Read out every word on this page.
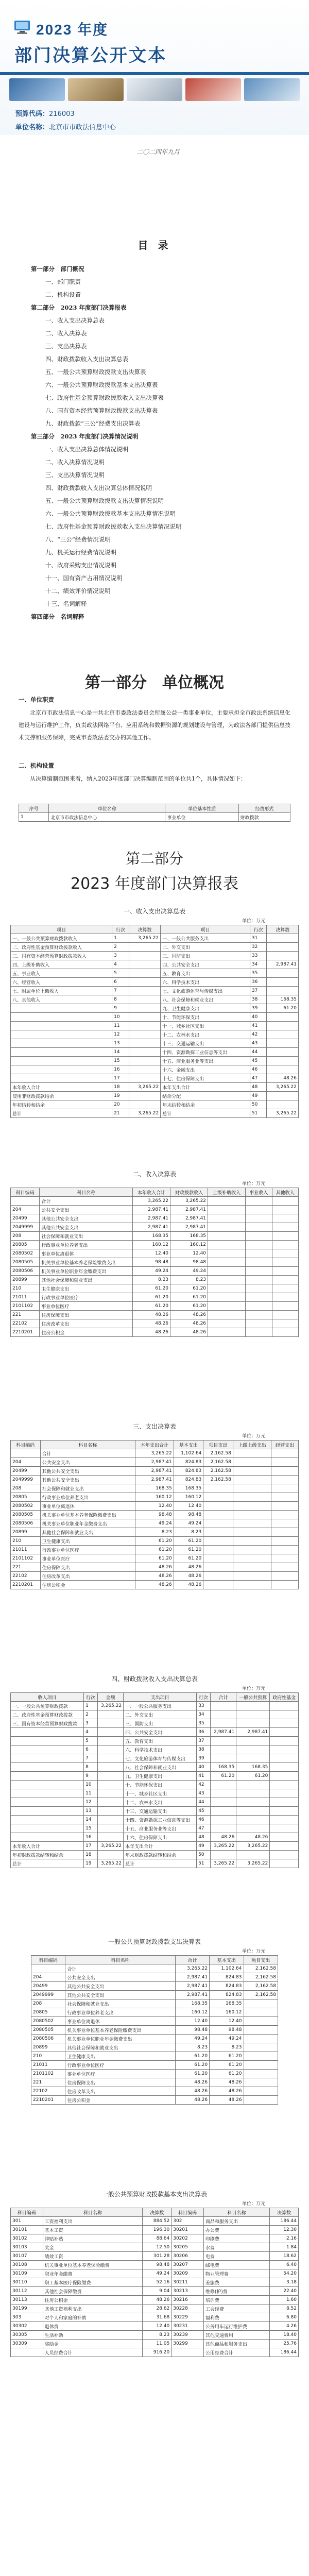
2023 年度
部门决算公开文本
预算代码：216003
单位名称：北京市市政法信息中心
二〇二四年九月
目 录
第一部分　部门概况
一、部门职责
二、机构设置
第二部分　2023 年度部门决算报表
一、收入支出决算总表
二、收入决算表
三、支出决算表
四、财政拨款收入支出决算总表
五、一般公共预算财政拨款支出决算表
六、一般公共预算财政拨款基本支出决算表
七、政府性基金预算财政拨款收入支出决算表
八、国有资本经营预算财政拨款支出决算表
九、财政拨款“三公”经费支出决算表
第三部分　2023 年度部门决算情况说明
一、收入支出决算总体情况说明
二、收入决算情况说明
三、支出决算情况说明
四、财政拨款收入支出决算总体情况说明
五、一般公共预算财政拨款支出决算情况说明
六、一般公共预算财政拨款基本支出决算情况说明
七、政府性基金预算财政拨款收入支出决算情况说明
八、“三公”经费情况说明
九、机关运行经费情况说明
十、政府采购支出情况说明
十一、国有资产占用情况说明
十二、绩效评价情况说明
十三、名词解释
第四部分　名词解释
第一部分　单位概况
一、单位职责
北京市市政法信息中心是中共北京市委政法委员会所属公益一类事业单位，主要承担全市政法系统信息化建设与运行维护工作，负责政法网络平台、应用系统和数据资源的规划建设与管理，为政法各部门提供信息技术支撑和服务保障，完成市委政法委交办的其他工作。
二、机构设置
从决算编制范围来看，纳入2023年度部门决算编制范围的单位共1个，具体情况如下：
序号	单位名称	单位基本性质	经费形式
1	北京市市政法信息中心	事业单位	财政拨款
第二部分
2023 年度部门决算报表
一、收入支出决算总表
单位：万元
项目	行次	决算数	项目	行次	决算数
一、一般公共预算财政拨款收入	1	3,265.22	一、一般公共服务支出	31	
二、政府性基金预算财政拨款收入	2		二、外交支出	32	
三、国有资本经营预算财政拨款收入	3		三、国防支出	33	
四、上级补助收入	4		四、公共安全支出	34	2,987.41
五、事业收入	5		五、教育支出	35	
六、经营收入	6		六、科学技术支出	36	
七、附属单位上缴收入	7		七、文化旅游体育与传媒支出	37	
八、其他收入	8		八、社会保障和就业支出	38	168.35
	9		九、卫生健康支出	39	61.20
	10		十、节能环保支出	40	
	11		十一、城乡社区支出	41	
	12		十二、农林水支出	42	
	13		十三、交通运输支出	43	
	14		十四、资源勘探工业信息等支出	44	
	15		十五、商业服务业等支出	45	
	16		十六、金融支出	46	
	17		十七、住房保障支出	47	48.26
本年收入合计	18	3,265.22	本年支出合计	48	3,265.22
使用非财政拨款结余	19		结余分配	49	
年初结转和结余	20		年末结转和结余	50	
总计	21	3,265.22	总计	51	3,265.22
二、收入决算表
单位：万元
科目编码	科目名称	本年收入合计	财政拨款收入	上级补助收入	事业收入	其他收入
	合计	3,265.22	3,265.22			
204	公共安全支出	2,987.41	2,987.41			
20499	其他公共安全支出	2,987.41	2,987.41			
2049999	其他公共安全支出	2,987.41	2,987.41			
208	社会保障和就业支出	168.35	168.35			
20805	行政事业单位养老支出	160.12	160.12			
2080502	事业单位离退休	12.40	12.40			
2080505	机关事业单位基本养老保险缴费支出	98.48	98.48			
2080506	机关事业单位职业年金缴费支出	49.24	49.24			
20899	其他社会保障和就业支出	8.23	8.23			
210	卫生健康支出	61.20	61.20			
21011	行政事业单位医疗	61.20	61.20			
2101102	事业单位医疗	61.20	61.20			
221	住房保障支出	48.26	48.26			
22102	住房改革支出	48.26	48.26			
2210201	住房公积金	48.26	48.26			
三、支出决算表
单位：万元
科目编码	科目名称	本年支出合计	基本支出	项目支出	上缴上级支出	经营支出
	合计	3,265.22	1,102.64	2,162.58		
204	公共安全支出	2,987.41	824.83	2,162.58		
20499	其他公共安全支出	2,987.41	824.83	2,162.58		
2049999	其他公共安全支出	2,987.41	824.83	2,162.58		
208	社会保障和就业支出	168.35	168.35			
20805	行政事业单位养老支出	160.12	160.12			
2080502	事业单位离退休	12.40	12.40			
2080505	机关事业单位基本养老保险缴费支出	98.48	98.48			
2080506	机关事业单位职业年金缴费支出	49.24	49.24			
20899	其他社会保障和就业支出	8.23	8.23			
210	卫生健康支出	61.20	61.20			
21011	行政事业单位医疗	61.20	61.20			
2101102	事业单位医疗	61.20	61.20			
221	住房保障支出	48.26	48.26			
22102	住房改革支出	48.26	48.26			
2210201	住房公积金	48.26	48.26			
四、财政拨款收入支出决算总表
单位：万元
收入项目	行次	金额	支出项目	行次	合计	一般公共预算	政府性基金
一、一般公共预算财政拨款	1	3,265.22	一、一般公共服务支出	33			
二、政府性基金预算财政拨款	2		二、外交支出	34			
三、国有资本经营预算财政拨款	3		三、国防支出	35			
	4		四、公共安全支出	36	2,987.41	2,987.41	
	5		五、教育支出	37			
	6		六、科学技术支出	38			
	7		七、文化旅游体育与传媒支出	39			
	8		八、社会保障和就业支出	40	168.35	168.35	
	9		九、卫生健康支出	41	61.20	61.20	
	10		十、节能环保支出	42			
	11		十一、城乡社区支出	43			
	12		十二、农林水支出	44			
	13		十三、交通运输支出	45			
	14		十四、资源勘探工业信息等支出	46			
	15		十五、商业服务业等支出	47			
	16		十六、住房保障支出	48	48.26	48.26	
本年收入合计	17	3,265.22	本年支出合计	49	3,265.22	3,265.22	
年初财政拨款结转和结余	18		年末财政拨款结转和结余	50			
总计	19	3,265.22	总计	51	3,265.22	3,265.22	
一般公共预算财政拨款支出决算表
单位：万元
科目编码	科目名称	合计	基本支出	项目支出
	合计	3,265.22	1,102.64	2,162.58
204	公共安全支出	2,987.41	824.83	2,162.58
20499	其他公共安全支出	2,987.41	824.83	2,162.58
2049999	其他公共安全支出	2,987.41	824.83	2,162.58
208	社会保障和就业支出	168.35	168.35	
20805	行政事业单位养老支出	160.12	160.12	
2080502	事业单位离退休	12.40	12.40	
2080505	机关事业单位基本养老保险缴费支出	98.48	98.48	
2080506	机关事业单位职业年金缴费支出	49.24	49.24	
20899	其他社会保障和就业支出	8.23	8.23	
210	卫生健康支出	61.20	61.20	
21011	行政事业单位医疗	61.20	61.20	
2101102	事业单位医疗	61.20	61.20	
221	住房保障支出	48.26	48.26	
22102	住房改革支出	48.26	48.26	
2210201	住房公积金	48.26	48.26	
一般公共预算财政拨款基本支出决算表
单位：万元
科目编码	科目名称	决算数	科目编码	科目名称	决算数
301	工资福利支出	884.52	302	商品和服务支出	186.44
30101	基本工资	196.30	30201	办公费	12.30
30102	津贴补贴	88.64	30202	印刷费	2.16
30103	奖金	12.50	30205	水费	1.84
30107	绩效工资	301.28	30206	电费	18.62
30108	机关事业单位基本养老保险缴费	98.48	30207	邮电费	6.40
30109	职业年金缴费	49.24	30209	物业管理费	54.20
30110	职工基本医疗保险缴费	52.16	30211	差旅费	3.18
30112	其他社会保障缴费	9.04	30213	维修(护)费	22.40
30113	住房公积金	48.26	30216	培训费	1.60
30199	其他工资福利支出	28.62	30228	工会经费	8.52
303	对个人和家庭的补助	31.68	30229	福利费	6.80
30302	退休费	12.40	30231	公务用车运行维护费	4.26
30305	生活补助	8.23	30239	其他交通费用	18.40
30309	奖励金	11.05	30299	其他商品和服务支出	25.76
	人员经费合计	916.20		公用经费合计	186.44
